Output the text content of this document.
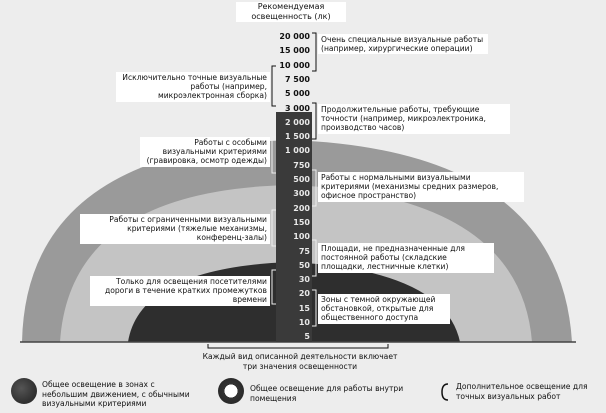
Рекомендуемая освещенность (лк)
20 000
15 000
10 000
7 500
5 000
3 000
2 000
1 500
1 000
750
500
300
200
150
100
75
50
30
20
15
10
5
Очень специальные визуальные работы (например, хирургические операции)
Исключительно точные визуальные работы (например, микроэлектронная сборка)
Продолжительные работы, требующие точности (например, микроэлектроника, производство часов)
Работы с особыми визуальными критериями (гравировка, осмотр одежды)
Работы с нормальными визуальными критериями (механизмы средних размеров, офисное пространство)
Работы с ограниченными визуальными критериями (тяжелые механизмы, конференц-залы)
Площади, не предназначенные для постоянной работы (складские площадки, лестничные клетки)
Только для освещения посетителями дороги в течение кратких промежутков времени	Зоны с темной окружающей обстановкой, открытые для общественного доступа
Каждый вид описанной деятельности включает три значения освещенности
Общее освещение в зонах с небольшим движением, с обычными визуальными критериями
Общее освещение для работы внутри помещения
Дополнительное освещение для точных визуальных работ
